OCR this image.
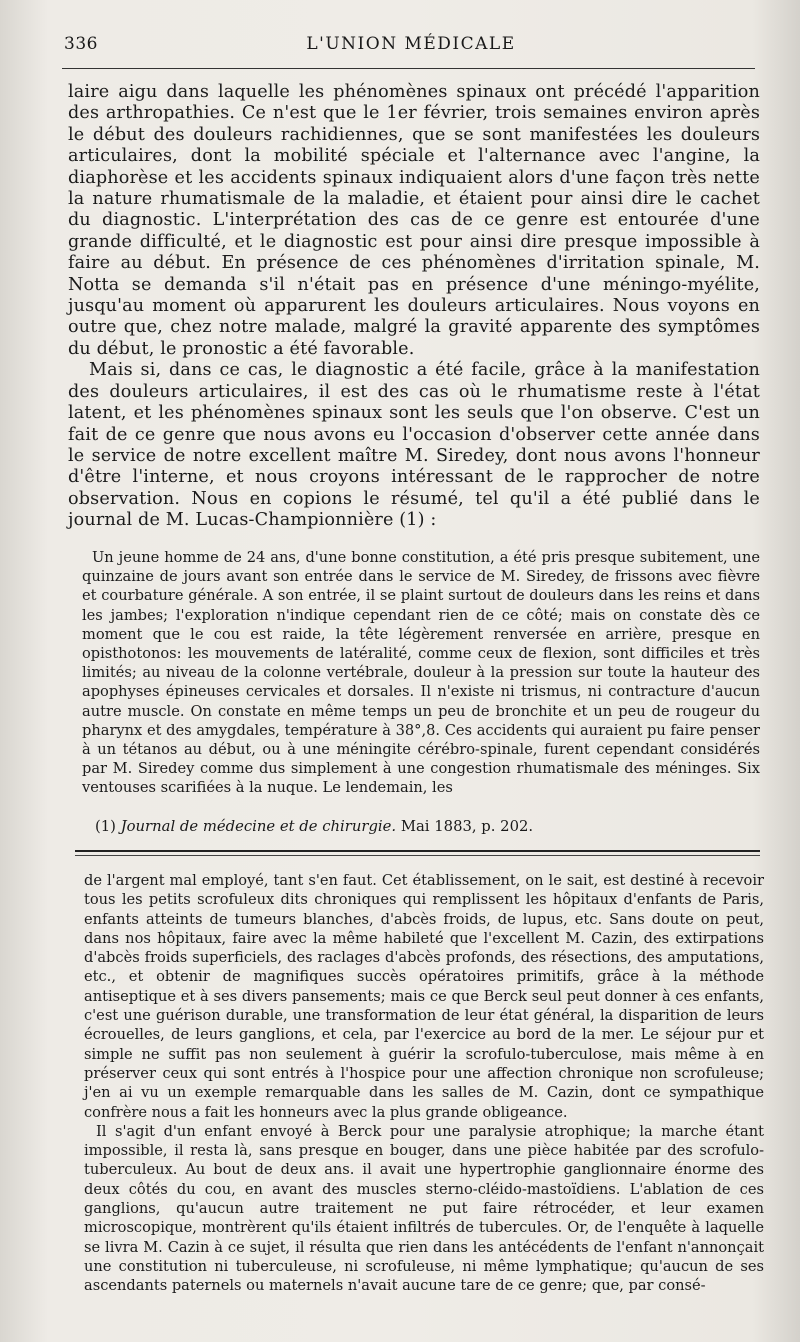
336	L'UNION MÉDICALE

laire aigu dans laquelle les phénomènes spinaux ont précédé l'apparition des arthropathies. Ce n'est que le 1er février, trois semaines environ après le début des douleurs rachidiennes, que se sont manifestées les douleurs articulaires, dont la mobilité spéciale et l'alternance avec l'angine, la diaphorèse et les accidents spinaux indiquaient alors d'une façon très nette la nature rhumatismale de la maladie, et étaient pour ainsi dire le cachet du diagnostic. L'interprétation des cas de ce genre est entourée d'une grande difficulté, et le diagnostic est pour ainsi dire presque impossible à faire au début. En présence de ces phénomènes d'irritation spinale, M. Notta se demanda s'il n'était pas en présence d'une méningo-myélite, jusqu'au moment où apparurent les douleurs articulaires. Nous voyons en outre que, chez notre malade, malgré la gravité apparente des symptômes du début, le pronostic a été favorable.

Mais si, dans ce cas, le diagnostic a été facile, grâce à la manifestation des douleurs articulaires, il est des cas où le rhumatisme reste à l'état latent, et les phénomènes spinaux sont les seuls que l'on observe. C'est un fait de ce genre que nous avons eu l'occasion d'observer cette année dans le service de notre excellent maître M. Siredey, dont nous avons l'honneur d'être l'interne, et nous croyons intéressant de le rapprocher de notre observation. Nous en copions le résumé, tel qu'il a été publié dans le journal de M. Lucas-Championnière (1) :

Un jeune homme de 24 ans, d'une bonne constitution, a été pris presque subitement, une quinzaine de jours avant son entrée dans le service de M. Siredey, de frissons avec fièvre et courbature générale. A son entrée, il se plaint surtout de douleurs dans les reins et dans les jambes; l'exploration n'indique cependant rien de ce côté; mais on constate dès ce moment que le cou est raide, la tête légèrement renversée en arrière, presque en opisthotonos: les mouvements de latéralité, comme ceux de flexion, sont difficiles et très limités; au niveau de la colonne vertébrale, douleur à la pression sur toute la hauteur des apophyses épineuses cervicales et dorsales. Il n'existe ni trismus, ni contracture d'aucun autre muscle. On constate en même temps un peu de bronchite et un peu de rougeur du pharynx et des amygdales, température à 38°,8. Ces accidents qui auraient pu faire penser à un tétanos au début, ou à une méningite cérébro-spinale, furent cependant considérés par M. Siredey comme dus simplement à une congestion rhumatismale des méninges. Six ventouses scarifiées à la nuque. Le lendemain, les

(1) Journal de médecine et de chirurgie. Mai 1883, p. 202.

de l'argent mal employé, tant s'en faut. Cet établissement, on le sait, est destiné à recevoir tous les petits scrofuleux dits chroniques qui remplissent les hôpitaux d'enfants de Paris, enfants atteints de tumeurs blanches, d'abcès froids, de lupus, etc. Sans doute on peut, dans nos hôpitaux, faire avec la même habileté que l'excellent M. Cazin, des extirpations d'abcès froids superficiels, des raclages d'abcès profonds, des résections, des amputations, etc., et obtenir de magnifiques succès opératoires primitifs, grâce à la méthode antiseptique et à ses divers pansements; mais ce que Berck seul peut donner à ces enfants, c'est une guérison durable, une transformation de leur état général, la disparition de leurs écrouelles, de leurs ganglions, et cela, par l'exercice au bord de la mer. Le séjour pur et simple ne suffit pas non seulement à guérir la scrofulo-tuberculose, mais même à en préserver ceux qui sont entrés à l'hospice pour une affection chronique non scrofuleuse; j'en ai vu un exemple remarquable dans les salles de M. Cazin, dont ce sympathique confrère nous a fait les honneurs avec la plus grande obligeance.

Il s'agit d'un enfant envoyé à Berck pour une paralysie atrophique; la marche étant impossible, il resta là, sans presque en bouger, dans une pièce habitée par des scrofulo-tuberculeux. Au bout de deux ans. il avait une hypertrophie ganglionnaire énorme des deux côtés du cou, en avant des muscles sterno-cléido-mastoïdiens. L'ablation de ces ganglions, qu'aucun autre traitement ne put faire rétrocéder, et leur examen microscopique, montrèrent qu'ils étaient infiltrés de tubercules. Or, de l'enquête à laquelle se livra M. Cazin à ce sujet, il résulta que rien dans les antécédents de l'enfant n'annonçait une constitution ni tuberculeuse, ni scrofuleuse, ni même lymphatique; qu'aucun de ses ascendants paternels ou maternels n'avait aucune tare de ce genre; que, par consé-
